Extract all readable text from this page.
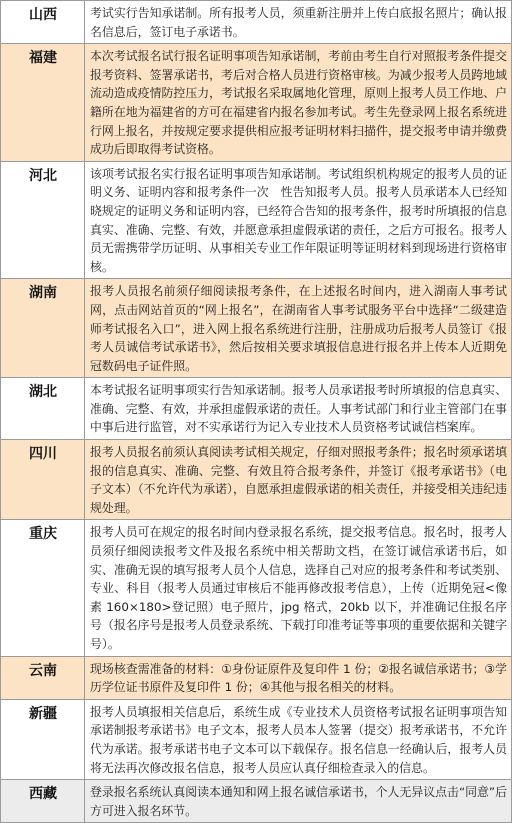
山西	考试实行告知承诺制。所有报考人员，须重新注册并上传白底报名照片；确认报名信息后，签订电子承诺书。
福建	本次考试报名试行报名证明事项告知承诺制，考前由考生自行对照报考条件提交报考资料、签署承诺书，考后对合格人员进行资格审核。为减少报考人员跨地域流动造成疫情防控压力，考试报名采取属地化管理，原则上报考人员工作地、户籍所在地为福建省的方可在福建省内报名参加考试。考生先登录网上报名系统进行网上报名，并按规定要求提供相应报考证明材料扫描件，提交报考申请并缴费成功后即取得考试资格。
河北	该项考试报名实行报名证明事项告知承诺制。考试组织机构规定的报考人员的证明义务、证明内容和报考条件一次　性告知报考人员。报考人员承诺本人已经知晓规定的证明义务和证明内容，已经符合告知的报考条件，报考时所填报的信息真实、准确、完整、有效，并愿意承担虚假承诺的责任，之后方可报名。报考人员无需携带学历证明、从事相关专业工作年限证明等证明材料到现场进行资格审核。
湖南	报考人员报名前须仔细阅读报考条件，在上述报名时间内，进入湖南人事考试网，点击网站首页的“网上报名”，在湖南省人事考试服务平台中选择“二级建造师考试报名入口”，进入网上报名系统进行注册，注册成功后报考人员签订《报考人员诚信考试承诺书》，然后按相关要求填报信息进行报名并上传本人近期免冠数码电子证件照。
湖北	本考试报名证明事项实行告知承诺制。报考人员承诺报考时所填报的信息真实、准确、完整、有效，并承担虚假承诺的责任。人事考试部门和行业主管部门在事中事后进行监管，对不实承诺行为记入专业技术人员资格考试诚信档案库。
四川	报考人员报名前须认真阅读考试相关规定，仔细对照报考条件；报名时须承诺填报的信息真实、准确、完整、有效且符合报考条件，并签订《报考承诺书》（电子文本）（不允许代为承诺），自愿承担虚假承诺的相关责任，并接受相关违纪违规处理。
重庆	报考人员可在规定的报名时间内登录报名系统，提交报考信息。报名时，报考人员须仔细阅读报考文件及报名系统中相关帮助文档，在签订诚信承诺书后，如实、准确无误的填写报考人员个人信息，选择自己对应的报考条件和考试类别、专业、科目（报考人员通过审核后不能再修改报考信息），上传（近期免冠<像素 160×180>登记照）电子照片，jpg 格式，20kb 以下，并准确记住报名序号（报名序号是报考人员登录系统、下载打印准考证等事项的重要依据和关键字号）。
云南	现场核查需准备的材料：①身份证原件及复印件 1 份；②报名诚信承诺书；③学历学位证书原件及复印件 1 份；④其他与报名相关的材料。
新疆	报考人员填报相关信息后，系统生成《专业技术人员资格考试报名证明事项告知承诺制报考承诺书》电子文本，报考人员本人签署（提交）报考承诺书，不允许代为承诺。报考承诺书电子文本可以下载保存。报名信息一经确认后，报考人员将无法再次修改报名信息，报考人员应认真仔细检查录入的信息。
西藏	登录报名系统认真阅读本通知和网上报名诚信承诺书，个人无异议点击“同意”后方可进入报名环节。
